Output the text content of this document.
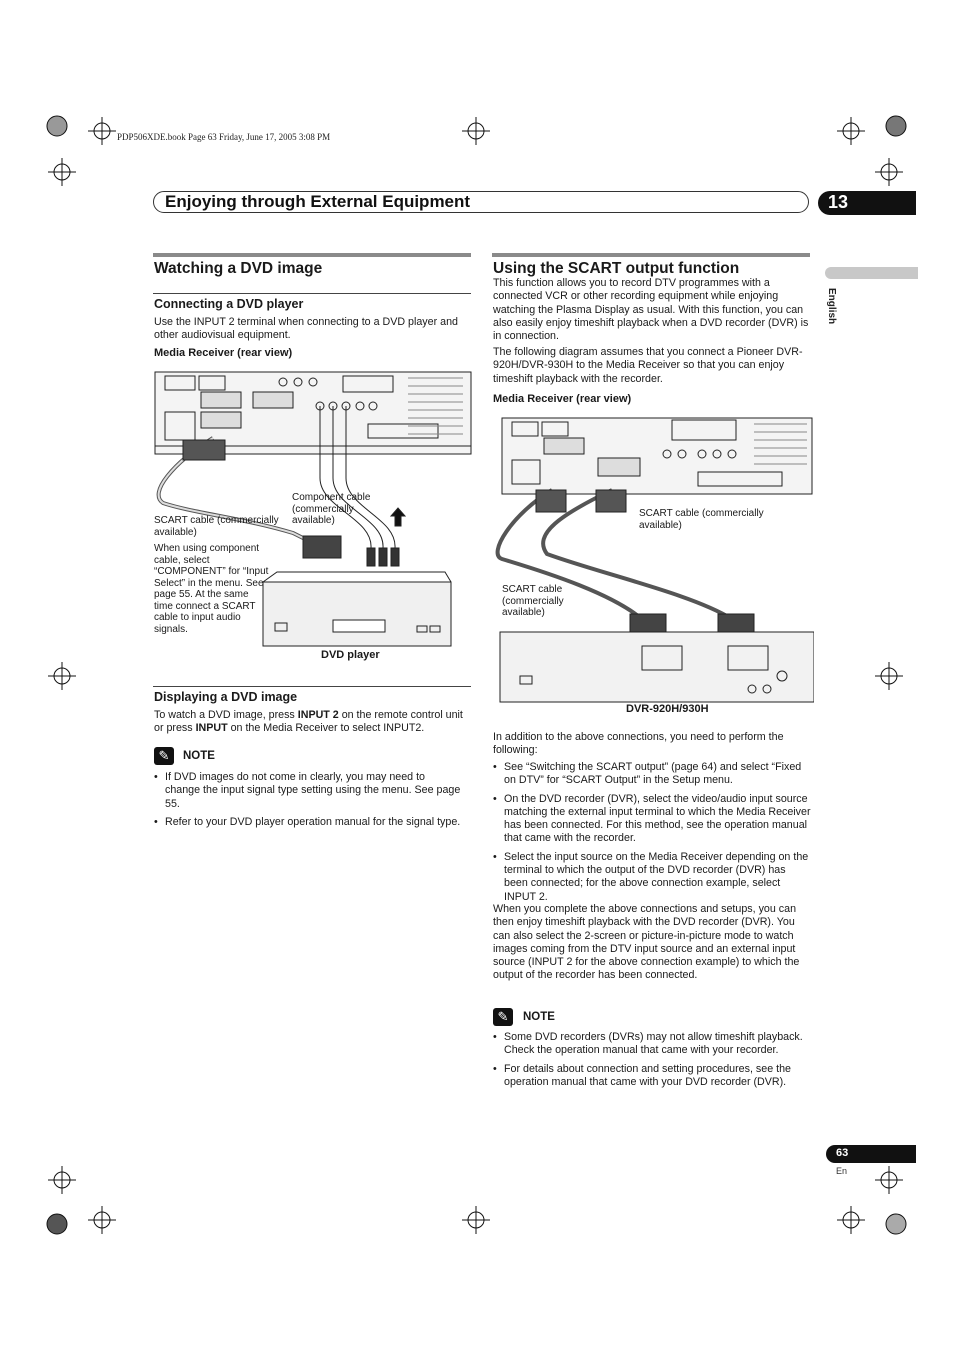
PDP506XDE.book Page 63 Friday, June 17, 2005 3:08 PM
Enjoying through External Equipment	13
English
Watching a DVD image
Connecting a DVD player
Use the INPUT 2 terminal when connecting to a DVD player and other audiovisual equipment.
Media Receiver (rear view)
Component cable (commercially available)
SCART cable (commercially available)
When using component cable, select “COMPONENT” for “Input Select” in the menu. See page 55. At the same time connect a SCART cable to input audio signals.
DVD player
Displaying a DVD image
To watch a DVD image, press INPUT 2 on the remote control unit or press INPUT on the Media Receiver to select INPUT2.
✎	NOTE
• If DVD images do not come in clearly, you may need to change the input signal type setting using the menu. See page 55.
• Refer to your DVD player operation manual for the signal type.
Using the SCART output function
This function allows you to record DTV programmes with a connected VCR or other recording equipment while enjoying watching the Plasma Display as usual. With this function, you can also easily enjoy timeshift playback when a DVD recorder (DVR) is in connection.
The following diagram assumes that you connect a Pioneer DVR-920H/DVR-930H to the Media Receiver so that you can enjoy timeshift playback with the recorder.
Media Receiver (rear view)
SCART cable (commercially available)
SCART cable (commercially available)
DVR-920H/930H
In addition to the above connections, you need to perform the following:
• See “Switching the SCART output” (page 64) and select “Fixed on DTV” for “SCART Output” in the Setup menu.
• On the DVD recorder (DVR), select the video/audio input source matching the external input terminal to which the Media Receiver has been connected. For this method, see the operation manual that came with the recorder.
• Select the input source on the Media Receiver depending on the terminal to which the output of the DVD recorder (DVR) has been connected; for the above connection example, select INPUT 2.
When you complete the above connections and setups, you can then enjoy timeshift playback with the DVD recorder (DVR). You can also select the 2-screen or picture-in-picture mode to watch images coming from the DTV input source and an external input source (INPUT 2 for the above connection example) to which the output of the recorder has been connected.
✎	NOTE
• Some DVD recorders (DVRs) may not allow timeshift playback. Check the operation manual that came with your recorder.
• For details about connection and setting procedures, see the operation manual that came with your DVD recorder (DVR).
63
En
